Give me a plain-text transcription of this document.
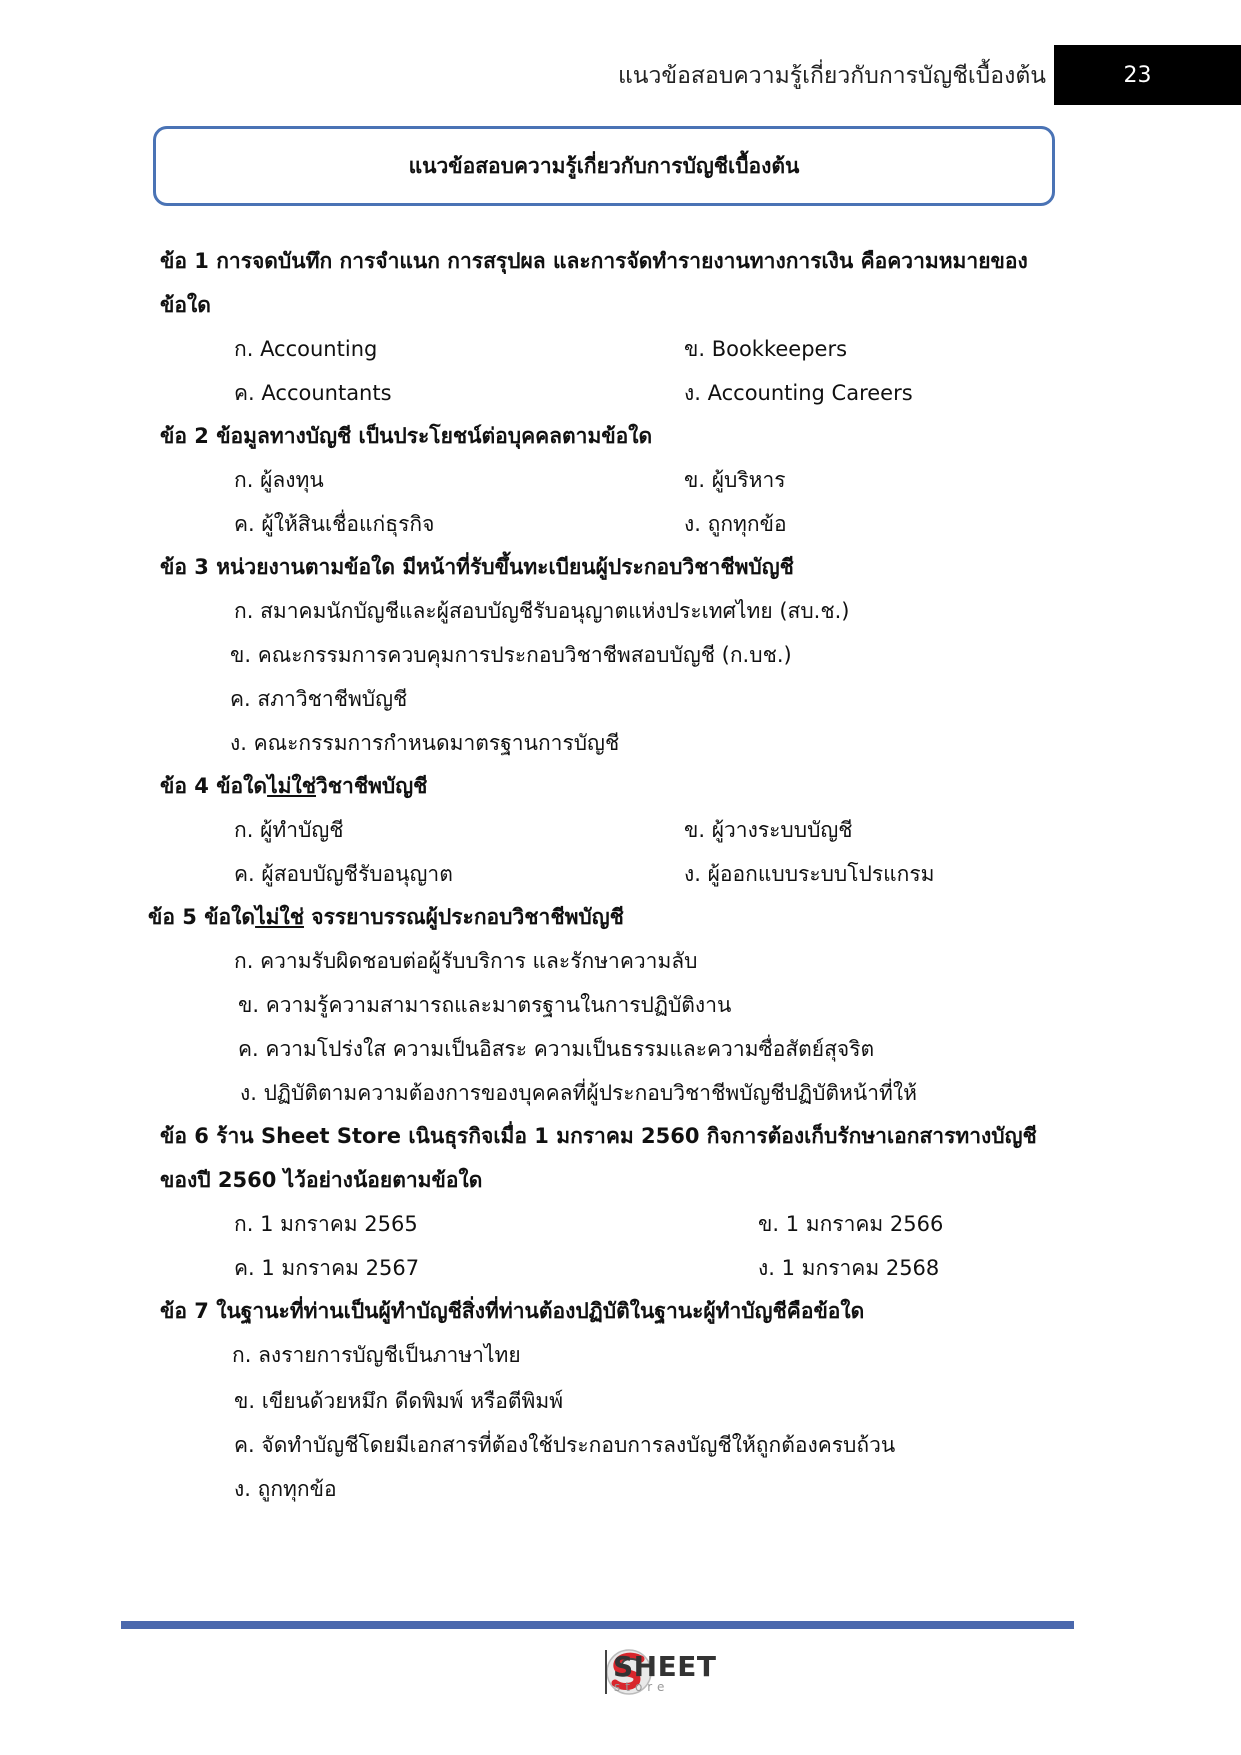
แนวข้อสอบความรู้เกี่ยวกับการบัญชีเบื้องต้น	23
แนวข้อสอบความรู้เกี่ยวกับการบัญชีเบื้องต้น
ข้อ 1 การจดบันทึก การจำแนก การสรุปผล และการจัดทำรายงานทางการเงิน คือความหมายของ
ข้อใด
ก. Accounting	ข. Bookkeepers
ค. Accountants	ง. Accounting Careers
ข้อ 2 ข้อมูลทางบัญชี เป็นประโยชน์ต่อบุคคลตามข้อใด
ก. ผู้ลงทุน	ข. ผู้บริหาร
ค. ผู้ให้สินเชื่อแก่ธุรกิจ	ง. ถูกทุกข้อ
ข้อ 3 หน่วยงานตามข้อใด มีหน้าที่รับขึ้นทะเบียนผู้ประกอบวิชาชีพบัญชี
ก. สมาคมนักบัญชีและผู้สอบบัญชีรับอนุญาตแห่งประเทศไทย (สบ.ช.)
ข. คณะกรรมการควบคุมการประกอบวิชาชีพสอบบัญชี (ก.บช.)
ค. สภาวิชาชีพบัญชี
ง. คณะกรรมการกำหนดมาตรฐานการบัญชี
ข้อ 4 ข้อใดไม่ใช่วิชาชีพบัญชี
ก. ผู้ทำบัญชี	ข. ผู้วางระบบบัญชี
ค. ผู้สอบบัญชีรับอนุญาต	ง. ผู้ออกแบบระบบโปรแกรม
ข้อ 5 ข้อใดไม่ใช่ จรรยาบรรณผู้ประกอบวิชาชีพบัญชี
ก. ความรับผิดชอบต่อผู้รับบริการ และรักษาความลับ
ข. ความรู้ความสามารถและมาตรฐานในการปฏิบัติงาน
ค. ความโปร่งใส ความเป็นอิสระ ความเป็นธรรมและความซื่อสัตย์สุจริต
ง. ปฏิบัติตามความต้องการของบุคคลที่ผู้ประกอบวิชาชีพบัญชีปฏิบัติหน้าที่ให้
ข้อ 6 ร้าน Sheet Store เนินธุรกิจเมื่อ 1 มกราคม 2560 กิจการต้องเก็บรักษาเอกสารทางบัญชี
ของปี 2560 ไว้อย่างน้อยตามข้อใด
ก. 1 มกราคม 2565	ข. 1 มกราคม 2566
ค. 1 มกราคม 2567	ง. 1 มกราคม 2568
ข้อ 7 ในฐานะที่ท่านเป็นผู้ทำบัญชีสิ่งที่ท่านต้องปฏิบัติในฐานะผู้ทำบัญชีคือข้อใด
ก. ลงรายการบัญชีเป็นภาษาไทย
ข. เขียนด้วยหมึก ดีดพิมพ์ หรือตีพิมพ์
ค. จัดทำบัญชีโดยมีเอกสารที่ต้องใช้ประกอบการลงบัญชีให้ถูกต้องครบถ้วน
ง. ถูกทุกข้อ
SHEET
store
